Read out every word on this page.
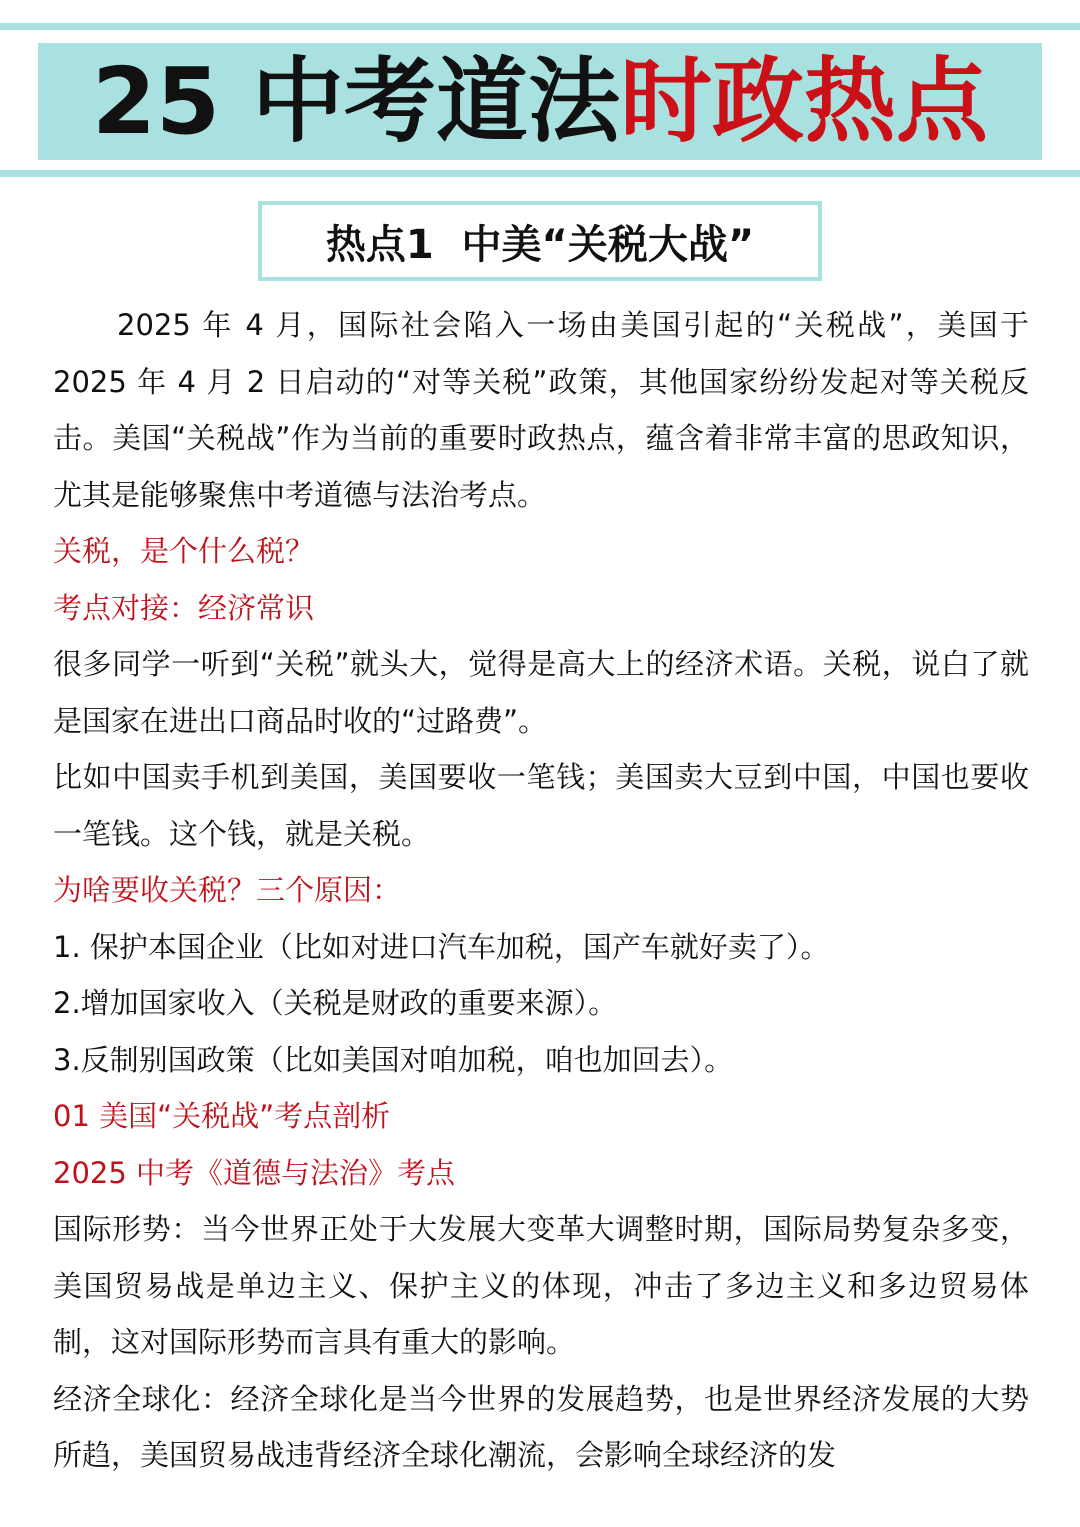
25 中考道法 时政热点
热点1  中美“关税大战”

2025 年 4 月，国际社会陷入一场由美国引起的“关税战”，美国于 2025 年 4 月 2 日启动的“对等关税”政策，其他国家纷纷发起对等关税反击。美国“关税战”作为当前的重要时政热点，蕴含着非常丰富的思政知识，尤其是能够聚焦中考道德与法治考点。

关税，是个什么税？

考点对接：经济常识

很多同学一听到“关税”就头大，觉得是高大上的经济术语。关税，说白了就是国家在进出口商品时收的“过路费”。

比如中国卖手机到美国，美国要收一笔钱；美国卖大豆到中国，中国也要收一笔钱。这个钱，就是关税。

为啥要收关税？三个原因：

1. 保护本国企业（比如对进口汽车加税，国产车就好卖了）。

2.增加国家收入（关税是财政的重要来源）。

3.反制别国政策（比如美国对咱加税，咱也加回去）。

01 美国“关税战”考点剖析

2025 中考《道德与法治》考点

国际形势：当今世界正处于大发展大变革大调整时期，国际局势复杂多变，美国贸易战是单边主义、保护主义的体现，冲击了多边主义和多边贸易体制，这对国际形势而言具有重大的影响。

经济全球化：经济全球化是当今世界的发展趋势，也是世界经济发展的大势所趋，美国贸易战违背经济全球化潮流，会影响全球经济的发
